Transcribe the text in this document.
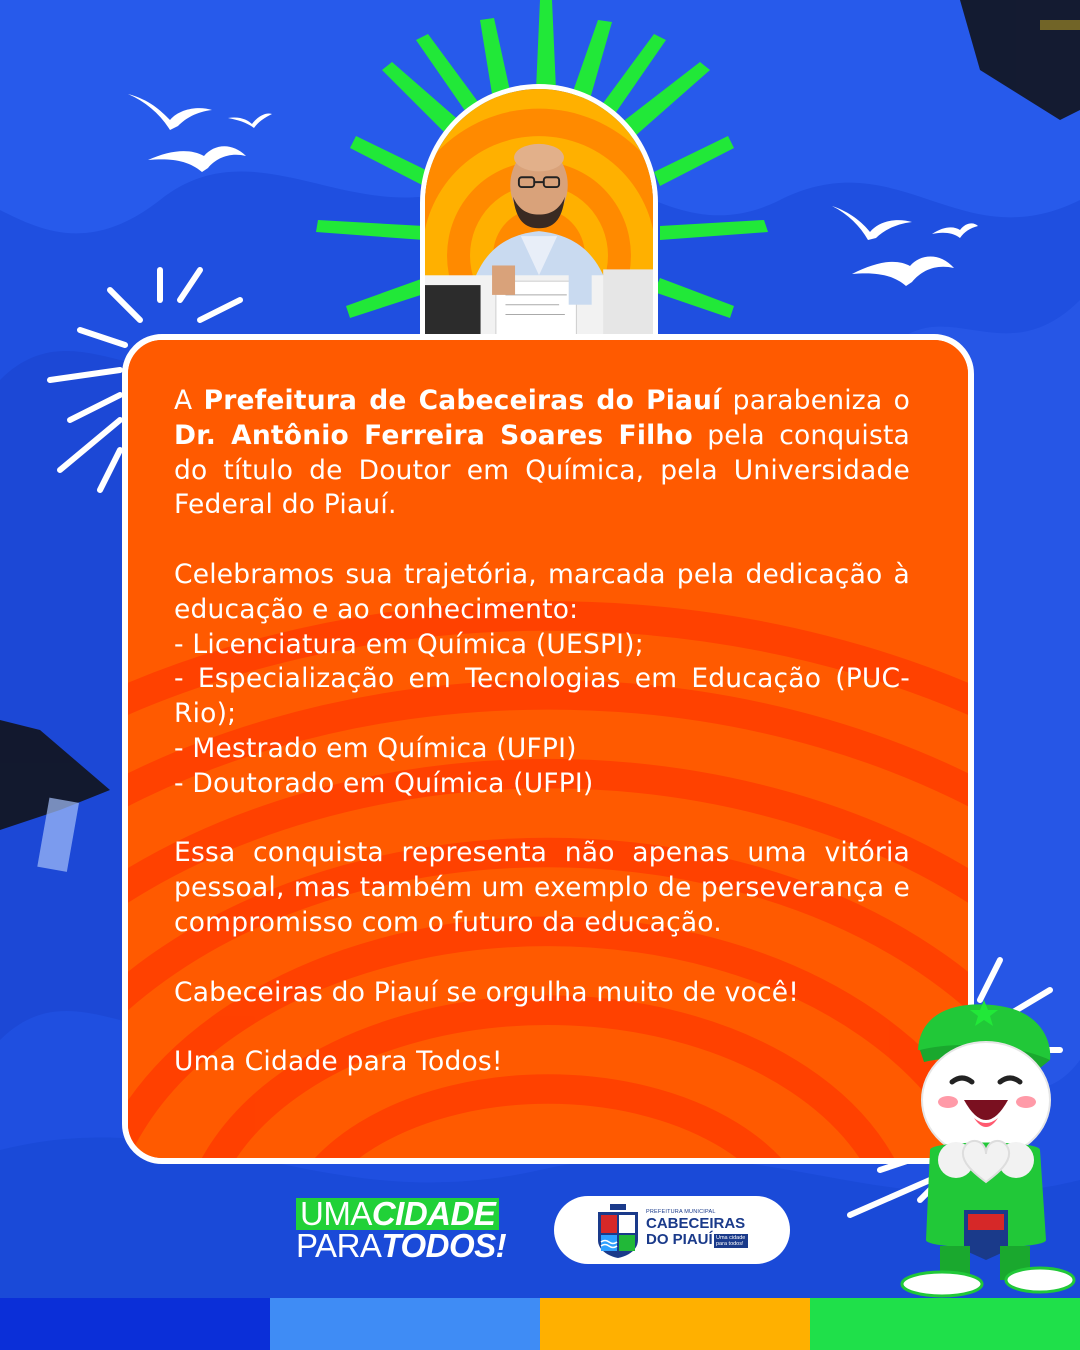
A Prefeitura de Cabeceiras do Piauí parabeniza o Dr. Antônio Ferreira Soares Filho pela conquista do título de Doutor em Química, pela Universidade Federal do Piauí.

Celebramos sua trajetória, marcada pela dedicação à educação e ao conhecimento:

- Licenciatura em Química (UESPI);
- Especialização em Tecnologias em Educação (PUC-Rio);
- Mestrado em Química (UFPI)

- Doutorado em Química (UFPI)

Essa conquista representa não apenas uma vitória pessoal, mas também um exemplo de perseverança e compromisso com o futuro da educação.

Cabeceiras do Piauí se orgulha muito de você!

Uma Cidade para Todos!

UMACIDADE
PARATODOS!
PREFEITURA MUNICIPAL
CABECEIRAS
DO PIAUÍ Uma cidade para todos!
